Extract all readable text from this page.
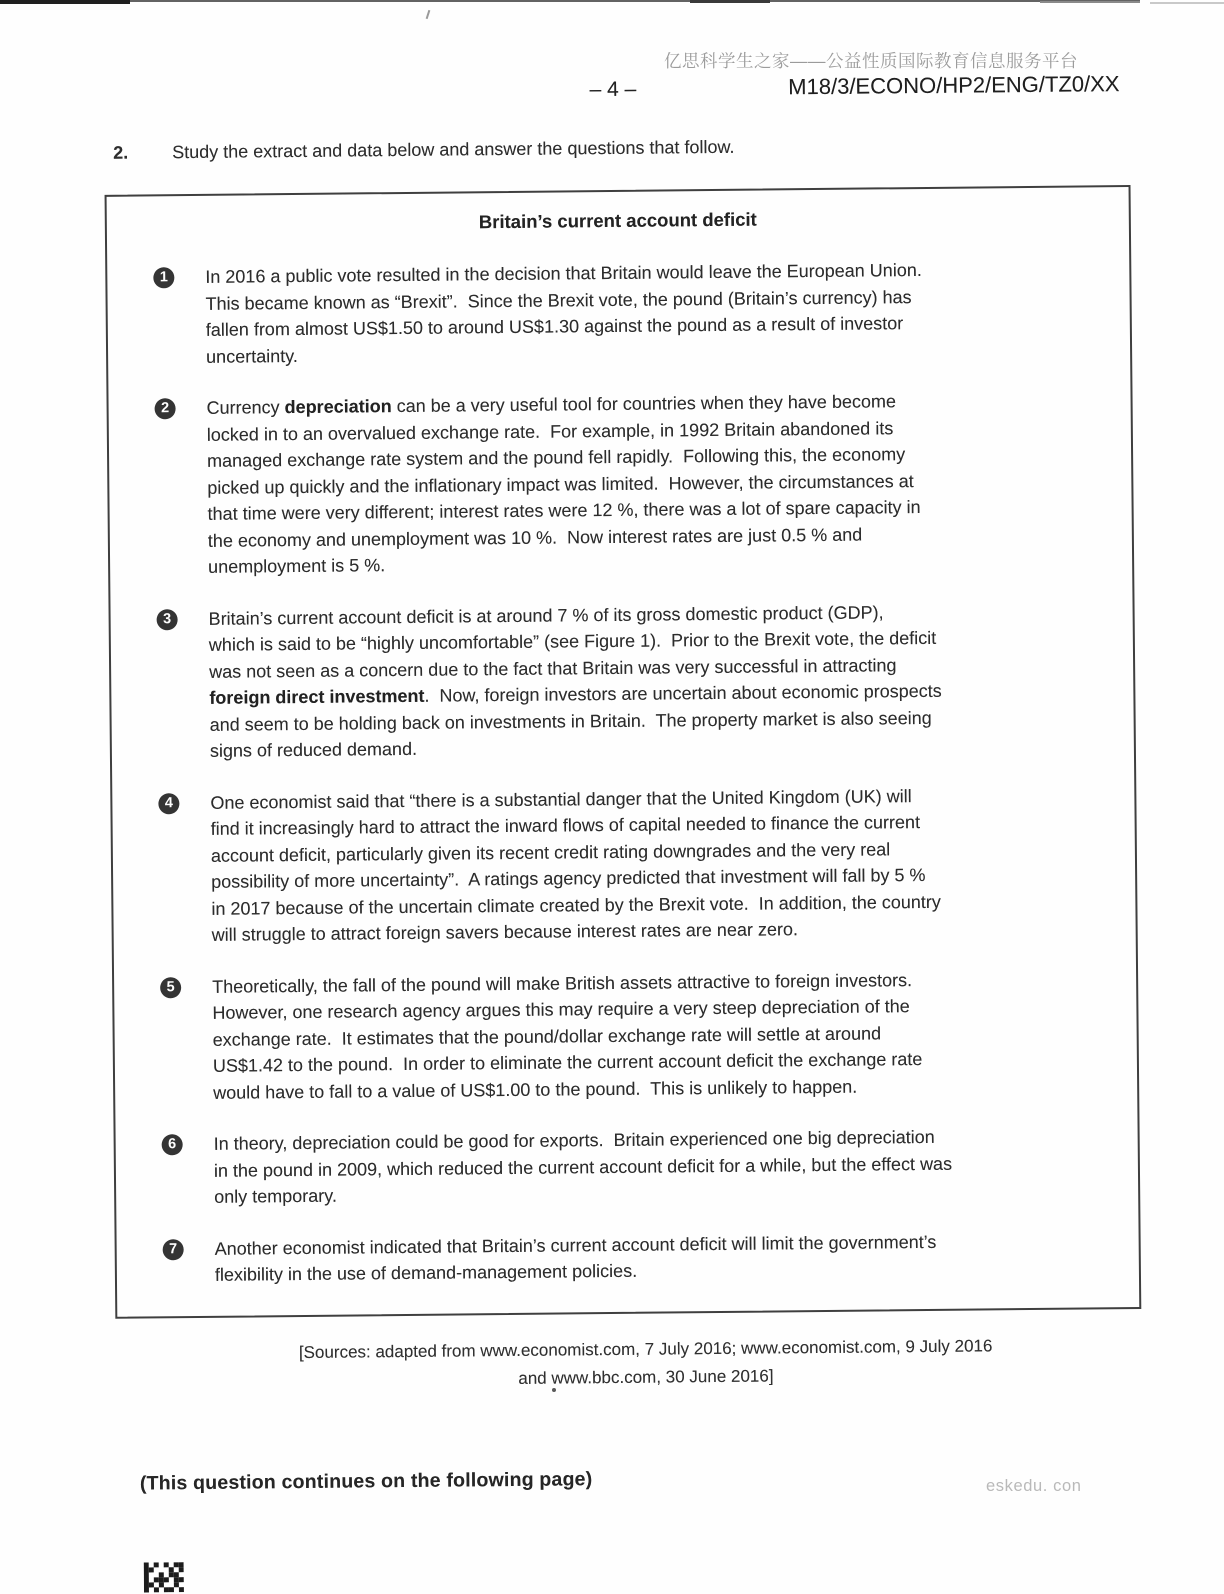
亿思科学生之家——公益性质国际教育信息服务平台
eskedu. con
– 4 –	M18/3/ECONO/HP2/ENG/TZ0/XX
2. Study the extract and data below and answer the questions that follow.
Britain’s current account deficit
1	In 2016 a public vote resulted in the decision that Britain would leave the European Union.
This became known as “Brexit”.  Since the Brexit vote, the pound (Britain’s currency) has
fallen from almost US$1.50 to around US$1.30 against the pound as a result of investor
uncertainty.
2	Currency depreciation can be a very useful tool for countries when they have become
locked in to an overvalued exchange rate.  For example, in 1992 Britain abandoned its
managed exchange rate system and the pound fell rapidly.  Following this, the economy
picked up quickly and the inflationary impact was limited.  However, the circumstances at
that time were very different; interest rates were 12 %, there was a lot of spare capacity in
the economy and unemployment was 10 %.  Now interest rates are just 0.5 % and
unemployment is 5 %.
3	Britain’s current account deficit is at around 7 % of its gross domestic product (GDP),
which is said to be “highly uncomfortable” (see Figure 1).  Prior to the Brexit vote, the deficit
was not seen as a concern due to the fact that Britain was very successful in attracting
foreign direct investment.  Now, foreign investors are uncertain about economic prospects
and seem to be holding back on investments in Britain.  The property market is also seeing
signs of reduced demand.
4	One economist said that “there is a substantial danger that the United Kingdom (UK) will
find it increasingly hard to attract the inward flows of capital needed to finance the current
account deficit, particularly given its recent credit rating downgrades and the very real
possibility of more uncertainty”.  A ratings agency predicted that investment will fall by 5 %
in 2017 because of the uncertain climate created by the Brexit vote.  In addition, the country
will struggle to attract foreign savers because interest rates are near zero.
5	Theoretically, the fall of the pound will make British assets attractive to foreign investors.
However, one research agency argues this may require a very steep depreciation of the
exchange rate.  It estimates that the pound/dollar exchange rate will settle at around
US$1.42 to the pound.  In order to eliminate the current account deficit the exchange rate
would have to fall to a value of US$1.00 to the pound.  This is unlikely to happen.
6	In theory, depreciation could be good for exports.  Britain experienced one big depreciation
in the pound in 2009, which reduced the current account deficit for a while, but the effect was
only temporary.
7	Another economist indicated that Britain’s current account deficit will limit the government’s
flexibility in the use of demand-management policies.
[Sources: adapted from www.economist.com, 7 July 2016; www.economist.com, 9 July 2016
and www.bbc.com, 30 June 2016]
(This question continues on the following page)
